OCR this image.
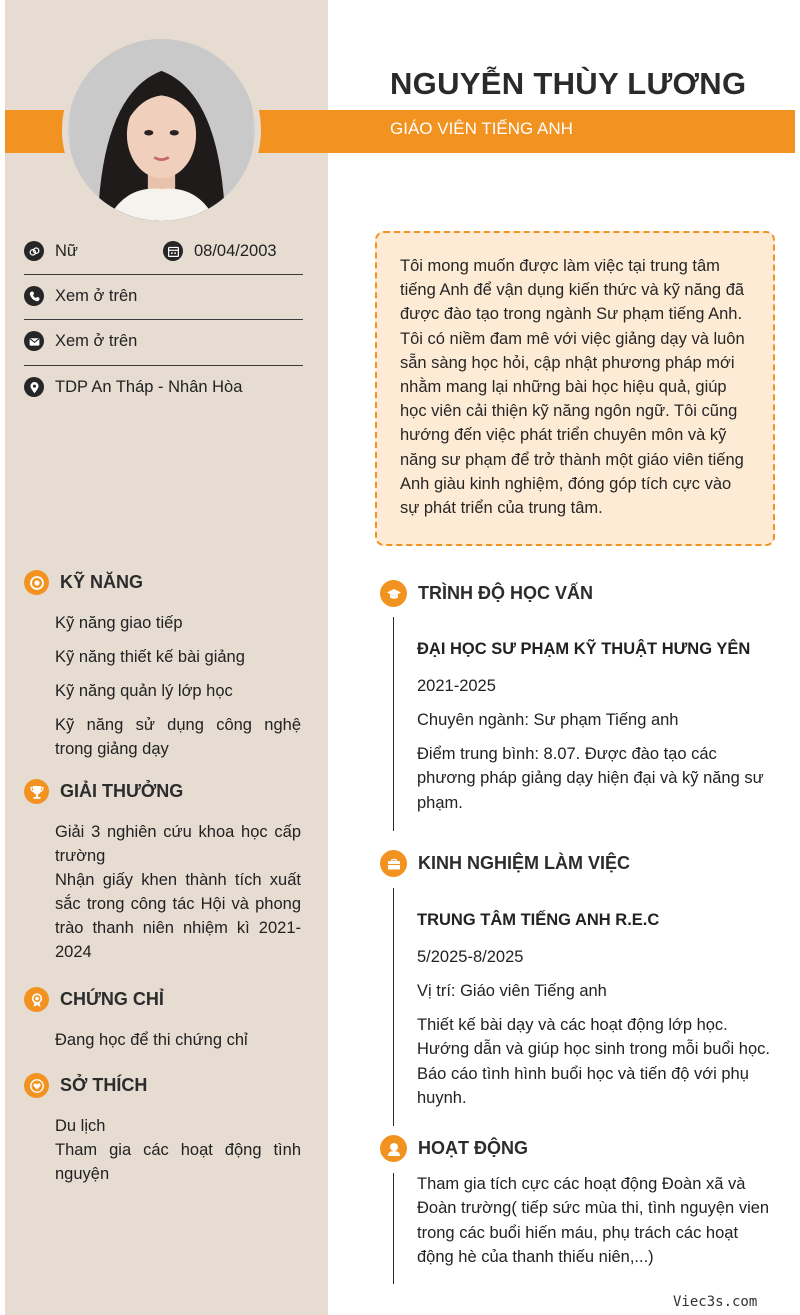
NGUYỄN THÙY LƯƠNG
GIÁO VIÊN TIẾNG ANH
Nữ	08/04/2003
Xem ở trên
Xem ở trên
TDP An Tháp - Nhân Hòa
KỸ NĂNG
Kỹ năng giao tiếp
Kỹ năng thiết kế bài giảng
Kỹ năng quản lý lớp học
Kỹ năng sử dụng công nghệ trong giảng dạy
GIẢI THƯỞNG
Giải 3 nghiên cứu khoa học cấp trường
Nhận giấy khen thành tích xuất sắc trong công tác Hội và phong trào thanh niên nhiệm kì 2021-2024
CHỨNG CHỈ
Đang học để thi chứng chỉ
SỞ THÍCH
Du lịch
Tham gia các hoạt động tình nguyện
Tôi mong muốn được làm việc tại trung tâm tiếng Anh để vận dụng kiến thức và kỹ năng đã được đào tạo trong ngành Sư phạm tiếng Anh. Tôi có niềm đam mê với việc giảng dạy và luôn sẵn sàng học hỏi, cập nhật phương pháp mới nhằm mang lại những bài học hiệu quả, giúp học viên cải thiện kỹ năng ngôn ngữ. Tôi cũng hướng đến việc phát triển chuyên môn và kỹ năng sư phạm để trở thành một giáo viên tiếng Anh giàu kinh nghiệm, đóng góp tích cực vào sự phát triển của trung tâm.
TRÌNH ĐỘ HỌC VẤN
ĐẠI HỌC SƯ PHẠM KỸ THUẬT HƯNG YÊN
2021-2025
Chuyên ngành: Sư phạm Tiếng anh
Điểm trung bình: 8.07. Được đào tạo các phương pháp giảng dạy hiện đại và kỹ năng sư phạm.
KINH NGHIỆM LÀM VIỆC
TRUNG TÂM TIẾNG ANH R.E.C
5/2025-8/2025
Vị trí: Giáo viên Tiếng anh
Thiết kế bài dạy và các hoạt động lớp học. Hướng dẫn và giúp học sinh trong mỗi buổi học. Báo cáo tình hình buổi học và tiến độ với phụ huynh.
HOẠT ĐỘNG
Tham gia tích cực các hoạt động Đoàn xã và Đoàn trường( tiếp sức mùa thi, tình nguyện vien trong các buổi hiến máu, phụ trách các hoạt động hè của thanh thiếu niên,...)
Viec3s.com
